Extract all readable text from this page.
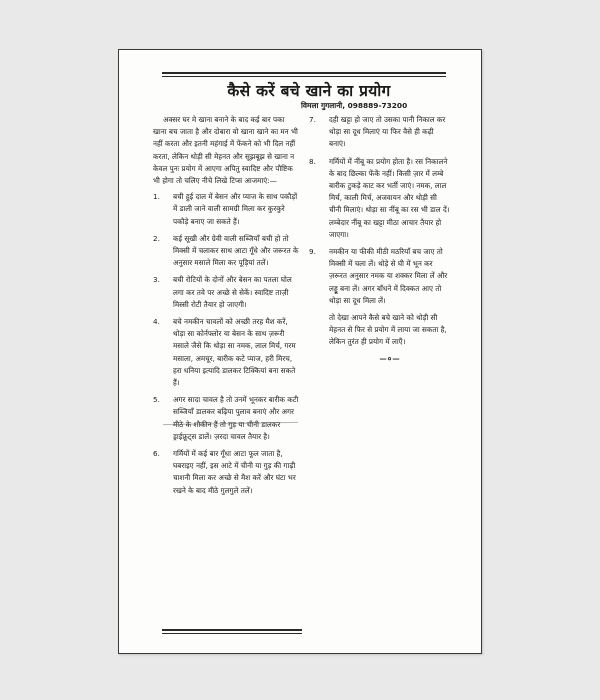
कैसे करें बचे खाने का प्रयोग
विमला गुगलानी, 098889-73200

अक्सर घर मे खाना बनाने के बाद कई बार पका खाना बच जाता है और दोबारा वो खाना खाने का मन भी नहीं करता और इतनी महंगाई में फेंकने को भी दिल नहीं करता, लेकिन थोड़ी सी मेहनत और सूझबूझ से खाना न केवल पुनः प्रयोग में आएगा अपितु स्वादिष्ट और पौष्टिक भी होगा तो चलिए नीचे लिखे टिप्स आजमाएं:—

1.	बची हुई दाल में बेसन और प्याज के साथ पकौड़ों में डाली जाने वाली सामग्री मिला कर कुरकुरे पकौड़े बनाए जा सकते हैं।
2.	कई सूखी और ग्रेवी वाली सब्जियाँ बची हो तो मिक्सी में चलाकर साथ आटा गूँधे और जरूरत के अनुसार मसाले मिला कर पूड़ियां तलें।
3.	बची रोटियों के दोनों और बेसन का पतला घोल लगा कर तवे पर अच्छे से सेकें। स्वादिष्ट ताज़ी मिस्सी रोटी तैयार हो जाएगी।
4.	बचे नमकीन चावलों को अच्छी तरह मैश करें, थोड़ा सा कोर्नफ्लोर या बेसन के साथ ज़रूरी मसाले जैसे कि थोड़ा सा नमक, लाल मिर्च, गरम मसाला, अमचूर, बारीक कटे प्याज, हरी मिरच, हरा धनिया इत्यादि डालकर टिक्कियां बना सकते हैं।
5.	अगर सादा चावल है तो उनमें भूनकर बारीक कटी सब्जियाँ डालकर बढ़िया पुलाव बनाएं और अगर मीठे के शौकीन हैं तो गुड़ या चीनी डालकर ड्राईफ्रूट्स डालें। ज़रदा चावल तैयार है।
6.	गर्मियों में कई बार गूँधा आटा फूल जाता है, घबराइए नहीं, इस आटे में चीनी या गुड़ की गाढ़ी चाशनी मिला कर अच्छे से मैश करें और घंटा भर रखने के बाद मीठे गुलगुले तलें।
7.	दही खट्टा हो जाए तो उसका पानी निकाल कर थोड़ा सा दूध मिलाएं या फिर वैसे ही कढ़ी बनाएं।
8.	गर्मियों में नींबू का प्रयोग होता है। रस निकालने के बाद छिल्का फेंकें नहीं। किसी ज़ार में लम्बे बारीक टुकड़े काट कर भर्ती जाएं। नमक, लाल मिर्च, काली मिर्च, अजवायन और थोड़ी सी चीनी मिलाएं। थोड़ा सा नींबू का रस भी डाल दें। लम्बेदार नींबू का खट्टा मीठा आचार तैयार हो जाएगा।
9.	नमकीन या फीकी मीठी मठरियाँ बच जाए तो मिक्सी में चला लें। थोड़े से घी में भून कर ज़रूरत अनुसार नमक या शक्कर मिला लें और लड्डू बना लें। अगर बाँधने में दिक्कत आए तो थोड़ा सा दूध मिला लें।

तो देखा आपने कैसे बचे खाने को थोड़ी सी मेहनत से फिर से प्रयोग में लाया जा सकता है, लेकिन तुरंत ही प्रयोग में लाएँ।

—०—
